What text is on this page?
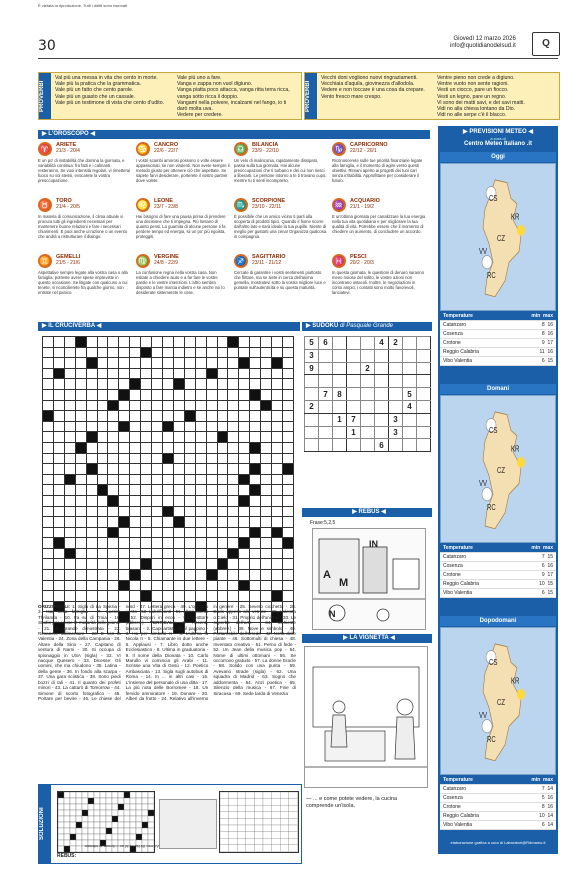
È vietata la riproduzione. Tutti i diritti sono riservati
30	Giovedì 12 marzo 2026
info@quotidianodelsud.it	Q
PROVERBI
Val più una messa in vita che cento in morte.
Vale più la pratica che la grammatica.
Vale più un fatto che cento parole.
Vale più un guasto che un cassale.
Vale più un testimone di vista che cento d'udito.
Vale più uno a fare.
Vanga e zappa non vuol digiuno.
Vanga piatta poco attacca, vanga ritta terra ricca, vanga sotto ricca il doppio.
Vangami nella polvere, incalzami nel fango, io ti darò molta uva.
Vedere per credere.
PROVERBI
Vecchi doni vogliono nuovi ringraziamenti.
Vecchiaia d'aquila, giovinezza d'allodola.
Vedere e non toccare è una cosa da crepare.
Vento fresco mare crespo.
Ventre pieno non crede a digiuno.
Ventre vuoto non sente ragioni.
Vesti un ciocco, pare un fiocco.
Vesti un legno, pare un regno.
Vi sono dei matti savi, e dei savi matti.
Vidi no alla chiesa lontano da Dio.
Vidi no alle serpe c'è il blacco.
▶ L'OROSCOPO ◀
♈ ARIETE
21/3 - 20/4
E un po' di instabilità che domina la giornata, e variabilità continua: fra fatti e i calmanti resteranno. Se vuoi intensità regolari, vi rimetterai fuoco su voi stessi, evocarete la vostra preoccupazione.
♉ TORO
21/4 - 20/5
In materia di comunicazione, il clima attuale vi procura tutti gli ingredienti necessari per mantenere buone relazioni e fare i necessari chiarimenti. E puoi anche un'azione o un evento che andrà a ristrutturare il dialogo.
♊ GEMELLI
21/5 - 21/6
Aspettative sempre legate alla vostra casa o alla famiglia, potreste avere spese impreviste in questo occasione. Se litigate con qualcuno a cui tenete, vi riconcilierete fra qualche giorno, non entrate nel panico.
♋ CANCRO
22/6 - 22/7
I vostri scambi amorosi possono o volte essere appassionati, se non virulenti. Non avete sempre il metodo giusto per ottenere ciò che aspettate. Se sapete farvi desiderare, porterete il vostro partner dove volete.
♌ LEONE
23/7 - 23/8
Hai bisogno di fare una pausa prima di prendere una decisione che ti impegna. Più lontano di quanto pensi. La guarnita di alcune persone ti fa perdere tempo ed energia, sii un po' più egoista, proteggiti.
♍ VERGINE
24/8 - 22/9
La confusione regna nella vostra casa. Non esitate a chiedere aiuto e a far fare le vostre parole e le vostre intenzioni. L'altro sembra disposto a fare marcia indietro e se anche voi lo desiderate sistemerete le cose.
♎ BILANCIA
23/9 - 22/10
Un velo di malinconia, rapidamente dissipato, passa sulla tua giornata. Hai alcune preoccupazioni che ti turbano e dei cui non riesci a liberarti. Le persone intorno a te ti trovano cupo, mentre tu ti senti incompreso.
♏ SCORPIONE
23/10 - 22/11
È possibile che un amico vicino ti parli alla scoperta di prodotti tipici. Quando il fiume scorre dall'altro lato e sarà ideale la tua pupille. Niente di meglio per gustarti una cena! Organizza qualcosa in compagnia.
♐ SAGITTARIO
23/11 - 21/12
Cercate di garantire i vostri sentimenti piuttosto che flirtare, ma se siete in cerca dell'anima gemella, mostratevi sotto la vostra migliore luce e puntate sull'autenticità e su questa maturità.
♑ CAPRICORNO
22/12 - 20/1
Riconoscerete sulle tue priorità finanziarie legate alla famiglia, e il momento di agire verso questi obiettivi. Rimani aperto ai progetti dei tuoi cari senza irritabilità. Approfittane per considerare il futuro.
♒ ACQUARIO
21/1 - 19/2
E un'ottima giornata per canalizzare la tua energia nella tua vita quotidiana e per migliorare la tua qualità di vita. Potrebbe essere che il momento di chiedere un aumento, di concludere un accordo.
♓ PESCI
20/2 - 20/3
In questa giornata, le questioni di denaro saranno meno noiose del solito, le vostre azioni non incontrano ostacoli. Inoltre, le negoziazioni in corso ampio, i contatti sono molto favorevoli, lanciatevi.
▶ PREVISIONI METEO ◀
a cura di
Centro Meteo Italiano .it
Oggi
CS
KR
CZ
VV
RC
Temperature	min max
Catanzaro	8 16
Cosenza	8 16
Crotone	9 17
Reggio Calabria	11 16
Vibo Valentia	6 15
Domani
CS
KR
CZ
VV
RC
Temperature	min max
Catanzaro	7 15
Cosenza	6 16
Crotone	9 17
Reggio Calabria	10 15
Vibo Valentia	6 15
Dopodomani
CS
KR
CZ
VV
RC
Temperature	min max
Catanzaro	7 14
Cosenza	5 16
Crotone	8 16
Reggio Calabria	10 14
Vibo Valentia	6 14
elaborazione grafica a cura di Laboratori@Rdmamo.it
▶ IL CRUCIVERBA ◀

																							▶ SUDOKU di Pasquale Grande
5	6				4	2		
3								
9				2				

	7	8					5	
2							4	
		1	7			3		
			1			3		
					6			
▶ REBUS ◀
Frase:5,2,5
IN
A
M
N
▶ LA VIGNETTA ◀
— ... e come potete vedere, la cucina comprende un'isola.
ORIZZONTALI: 1. Sigla di La Spezia - 3. Isai nella famiglia - 7. Lactica Thrilanda - 10. Fa su di Troia - 16. Studio per cause le maturità delle piante - 21. Ai grande dimostrata - 22. Rimanere fallimentare - 23. E non la Valentia - 24. Zona della Campania - 26. Altare della Sirio - 27. Capitano di ventura di Narni - 30. Si occupa di spionaggio in USA (sigla) - 32. Vi nacque Quesero - 33. Dicesse: Gli uomini, che ma chiudono - 35. Latina - della gente - 36. In fondo alla scarpa - 37. Una gara sciistica - 38. Sono piedi bozzi di tali - 41. Il quanto dei profeti minori - 43. La catturò di Tomorrow - 44. Simone di scorto fotografico - 45. Portare per bevire - 46. Le chiese del nord - 47. Lettera greca - 49. L'opposto vento - 50. Lubrificanti - 51. Alteri articoli - 52. Dispari in ecco - 53. Dottore (abbrev.) VERTICALI: 1. Accenti, brasaro - 2. Capi artista ha il pappino - 3. Ha per simbolo K - 4. L'ultima fu Nicola II - 5. Chiamante in due lettere - 6. Applausi - 7. Libro dotto anche Ecclesiastico - 8. Ultima in graduatoria - 9. Il nome della Dionata - 10. Carlo Marullo vi comincia gli Arabi - 11. Scrisse una Vita di Gesù - 12. Poetico Ambasciata - 13. Sigla sugli autobus di Roma - 14. In ... in altri casi - 15. L'insieme del personale di una ditta - 17. La più nota delle Borromee - 18. Un fervido ammiratore - 19. Donare - 20. Alberi da frutto - 24. Relativo all'inverno in genere - 25. Severo cicchetto - 28. Dado appeso alle vetrate - 29. Valenza o Cielo - 31. Proprio dell'unione - 33. Le superbe dell'arte - 34. Inchieste (abbrev.) - 38. Nove e simbolo - 40. Portamobile dell'arredo - 42. Norla delle piante - 46. Sottomulti di chiesa - 48. Inventato creativo - 51. Perno di fede - 52. Un Jean della musica pop - 54. Nome di ultimi ottomani - 56. Se occorrono gratuito - 57. La donne Eracle - 58. Solido con una punta - 59. Avevano strade (sigla) - 62. Una squadra di Madrid - 63. Sogno che addormenta - 64. Anzi poetica - 65. Silenzio della musica - 67. Fine di Siracusa - 69. Sede tarda di Venezia
SOLUZIONI
REBUS:
AA mo: IN Na IN M oo = Amore in silenzio.
